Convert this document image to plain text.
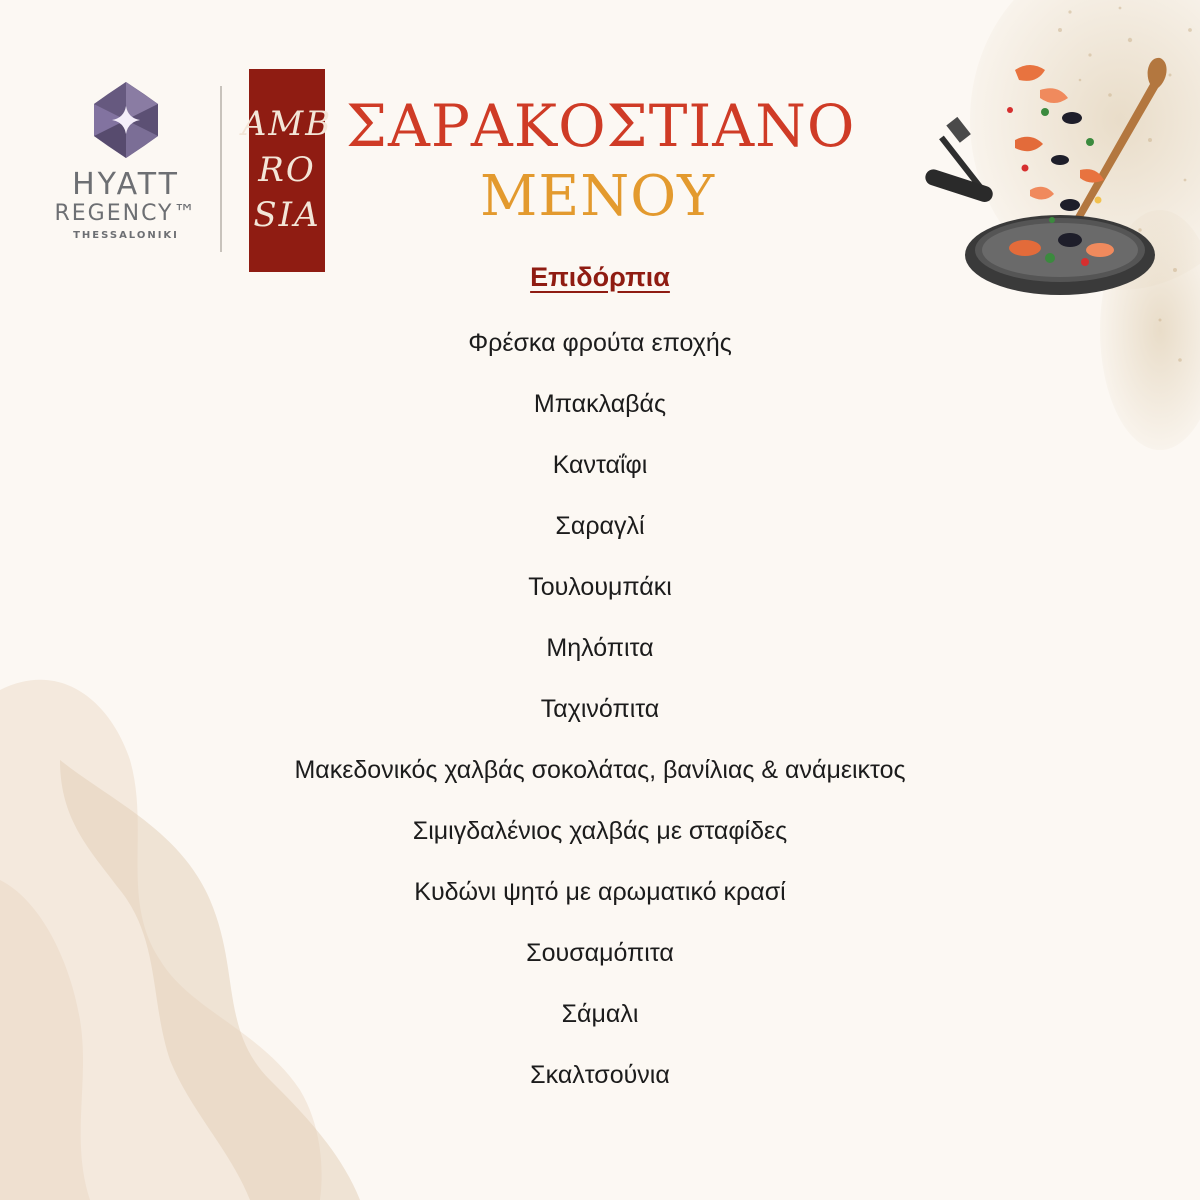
HYATT
REGENCY™
THESSALONIKI
AMB
RO
SIA
ΣΑΡΑΚΟΣΤΙΑΝΟ
ΜΕΝΟΥ
Επιδόρπια
Φρέσκα φρούτα εποχής
Μπακλαβάς
Κανταΐφι
Σαραγλί
Τουλουμπάκι
Μηλόπιτα
Ταχινόπιτα
Μακεδονικός χαλβάς σοκολάτας, βανίλιας & ανάμεικτος
Σιμιγδαλένιος χαλβάς με σταφίδες
Κυδώνι ψητό με αρωματικό κρασί
Σουσαμόπιτα
Σάμαλι
Σκαλτσούνια
